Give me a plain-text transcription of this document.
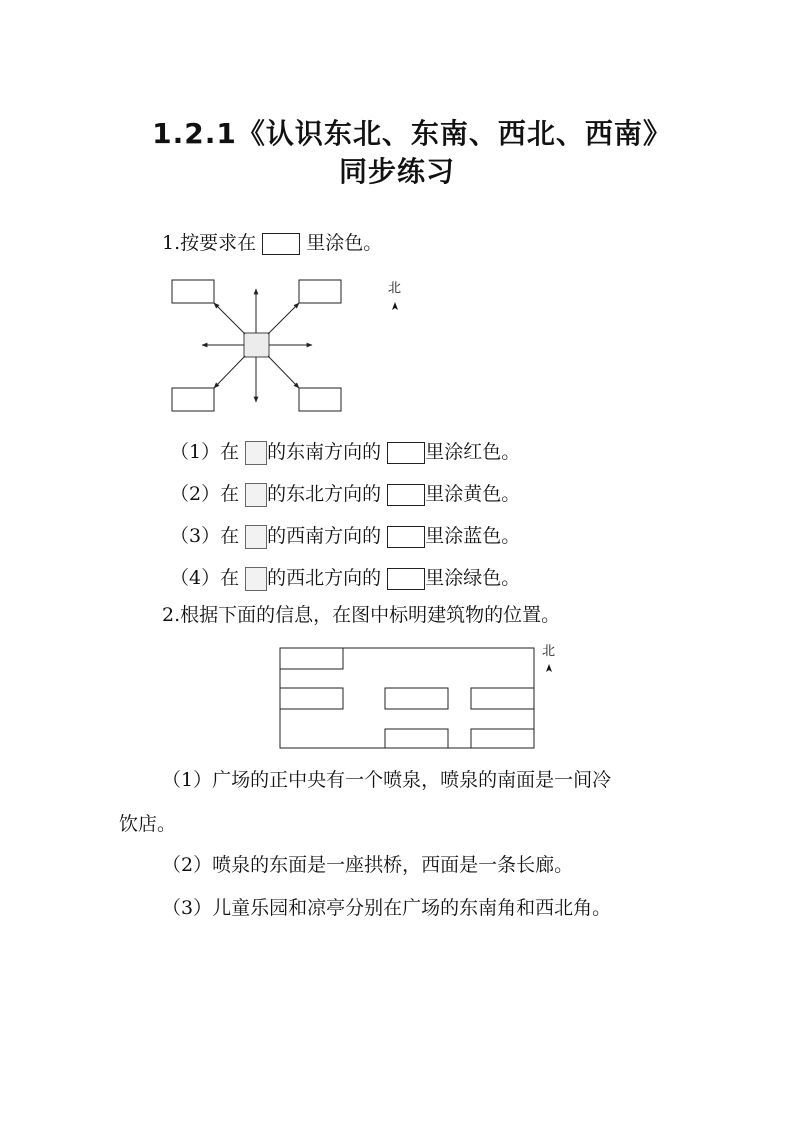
1.2.1《认识东北、东南、西北、西南》
同步练习
1.按要求在	里涂色。
北
（1）在 的东南方向的 里涂红色。
（2）在 的东北方向的 里涂黄色。
（3）在 的西南方向的 里涂蓝色。
（4）在 的西北方向的 里涂绿色。
2.根据下面的信息，在图中标明建筑物的位置。
北
（1）广场的正中央有一个喷泉，喷泉的南面是一间冷
饮店。
（2）喷泉的东面是一座拱桥，西面是一条长廊。
（3）儿童乐园和凉亭分别在广场的东南角和西北角。
